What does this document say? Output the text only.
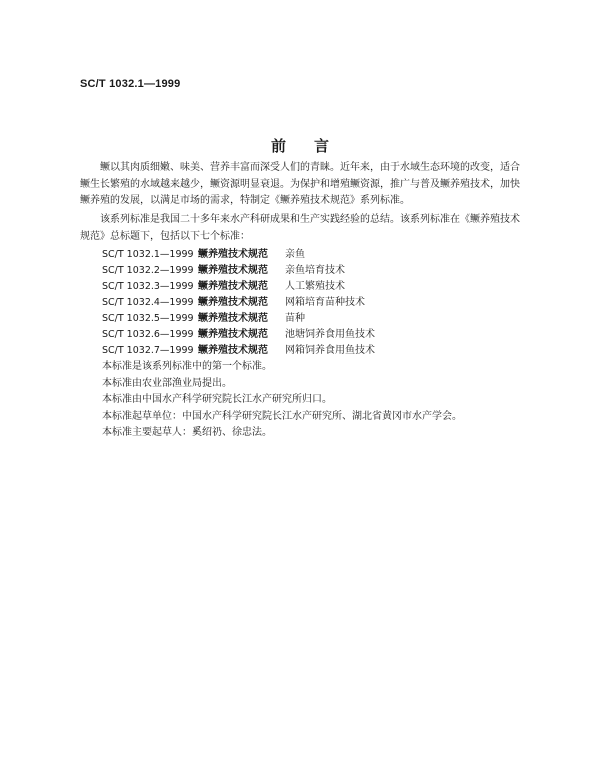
SC/T 1032.1—1999
前言

鳜以其肉质细嫩、味美、营养丰富而深受人们的青睐。近年来，由于水域生态环境的改变，适合鳜生长繁殖的水域越来越少，鳜资源明显衰退。为保护和增殖鳜资源，推广与普及鳜养殖技术，加快鳜养殖的发展，以满足市场的需求，特制定《鳜养殖技术规范》系列标准。

该系列标准是我国二十多年来水产科研成果和生产实践经验的总结。该系列标准在《鳜养殖技术规范》总标题下，包括以下七个标准：

SC/T 1032.1—1999 鳜养殖技术规范	亲鱼
SC/T 1032.2—1999 鳜养殖技术规范	亲鱼培育技术
SC/T 1032.3—1999 鳜养殖技术规范	人工繁殖技术
SC/T 1032.4—1999 鳜养殖技术规范	网箱培育苗种技术
SC/T 1032.5—1999 鳜养殖技术规范	苗种
SC/T 1032.6—1999 鳜养殖技术规范	池塘饲养食用鱼技术
SC/T 1032.7—1999 鳜养殖技术规范	网箱饲养食用鱼技术

本标准是该系列标准中的第一个标准。

本标准由农业部渔业局提出。

本标准由中国水产科学研究院长江水产研究所归口。

本标准起草单位：中国水产科学研究院长江水产研究所、湖北省黄冈市水产学会。

本标准主要起草人：奚绍礽、徐忠法。
